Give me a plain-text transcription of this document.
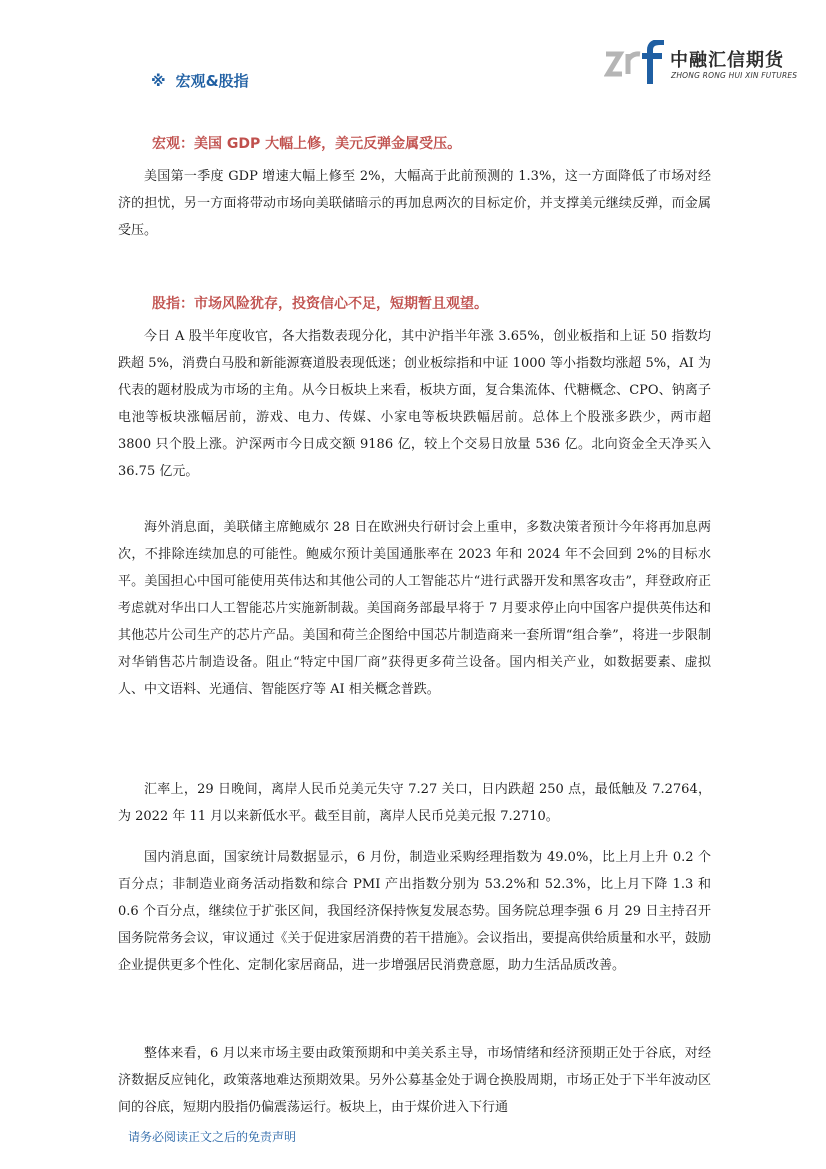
中融汇信期货
ZHONG RONG HUI XIN FUTURES
※ 宏观&股指
宏观：美国 GDP 大幅上修，美元反弹金属受压。

美国第一季度 GDP 增速大幅上修至 2%，大幅高于此前预测的 1.3%，这一方面降低了市场对经济的担忧，另一方面将带动市场向美联储暗示的再加息两次的目标定价，并支撑美元继续反弹，而金属受压。

股指：市场风险犹存，投资信心不足，短期暂且观望。

今日 A 股半年度收官，各大指数表现分化，其中沪指半年涨 3.65%，创业板指和上证 50 指数均跌超 5%，消费白马股和新能源赛道股表现低迷；创业板综指和中证 1000 等小指数均涨超 5%，AI 为代表的题材股成为市场的主角。从今日板块上来看，板块方面，复合集流体、代糖概念、CPO、钠离子电池等板块涨幅居前，游戏、电力、传媒、小家电等板块跌幅居前。总体上个股涨多跌少，两市超 3800 只个股上涨。沪深两市今日成交额 9186 亿，较上个交易日放量 536 亿。北向资金全天净买入 36.75 亿元。

海外消息面，美联储主席鲍威尔 28 日在欧洲央行研讨会上重申，多数决策者预计今年将再加息两次，不排除连续加息的可能性。鲍威尔预计美国通胀率在 2023 年和 2024 年不会回到 2%的目标水平。美国担心中国可能使用英伟达和其他公司的人工智能芯片“进行武器开发和黑客攻击”，拜登政府正考虑就对华出口人工智能芯片实施新制裁。美国商务部最早将于 7 月要求停止向中国客户提供英伟达和其他芯片公司生产的芯片产品。美国和荷兰企图给中国芯片制造商来一套所谓“组合拳”，将进一步限制对华销售芯片制造设备。阻止“特定中国厂商”获得更多荷兰设备。国内相关产业，如数据要素、虚拟人、中文语料、光通信、智能医疗等 AI 相关概念普跌。

汇率上，29 日晚间，离岸人民币兑美元失守 7.27 关口，日内跌超 250 点，最低触及 7.2764，为 2022 年 11 月以来新低水平。截至目前，离岸人民币兑美元报 7.2710。

国内消息面，国家统计局数据显示，6 月份，制造业采购经理指数为 49.0%，比上月上升 0.2 个百分点；非制造业商务活动指数和综合 PMI 产出指数分别为 53.2%和 52.3%，比上月下降 1.3 和 0.6 个百分点，继续位于扩张区间，我国经济保持恢复发展态势。国务院总理李强 6 月 29 日主持召开国务院常务会议，审议通过《关于促进家居消费的若干措施》。会议指出，要提高供给质量和水平，鼓励企业提供更多个性化、定制化家居商品，进一步增强居民消费意愿，助力生活品质改善。

整体来看，6 月以来市场主要由政策预期和中美关系主导，市场情绪和经济预期正处于谷底，对经济数据反应钝化，政策落地难达预期效果。另外公募基金处于调仓换股周期，市场正处于下半年波动区间的谷底，短期内股指仍偏震荡运行。板块上，由于煤价进入下行通

请务必阅读正文之后的免责声明
